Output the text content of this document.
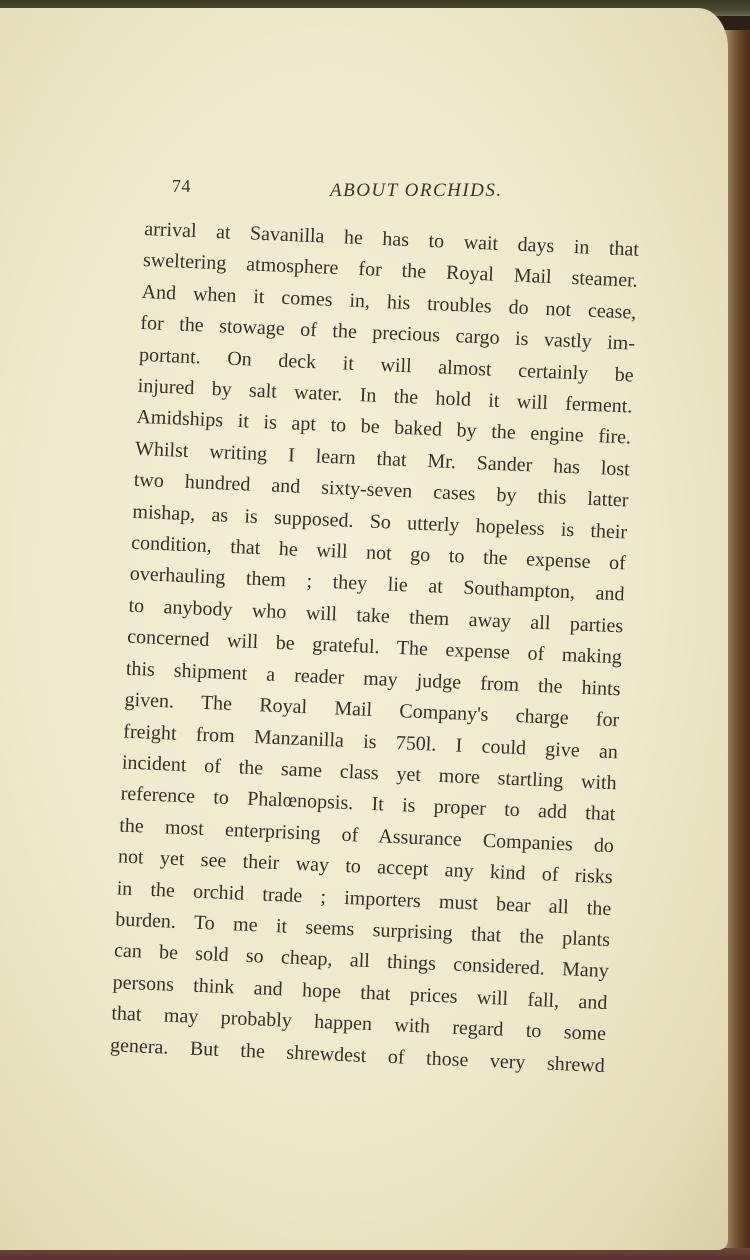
74	ABOUT ORCHIDS.
arrival at Savanilla he has to wait days in that
sweltering atmosphere for the Royal Mail steamer.
And when it comes in, his troubles do not cease,
for the stowage of the precious cargo is vastly im-
portant. On deck it will almost certainly be
injured by salt water. In the hold it will ferment.
Amidships it is apt to be baked by the engine fire.
Whilst writing I learn that Mr. Sander has lost
two hundred and sixty-seven cases by this latter
mishap, as is supposed. So utterly hopeless is their
condition, that he will not go to the expense of
overhauling them ; they lie at Southampton, and
to anybody who will take them away all parties
concerned will be grateful. The expense of making
this shipment a reader may judge from the hints
given. The Royal Mail Company's charge for
freight from Manzanilla is 750l. I could give an
incident of the same class yet more startling with
reference to Phalœnopsis. It is proper to add that
the most enterprising of Assurance Companies do
not yet see their way to accept any kind of risks
in the orchid trade ; importers must bear all the
burden. To me it seems surprising that the plants
can be sold so cheap, all things considered. Many
persons think and hope that prices will fall, and
that may probably happen with regard to some
genera. But the shrewdest of those very shrewd
